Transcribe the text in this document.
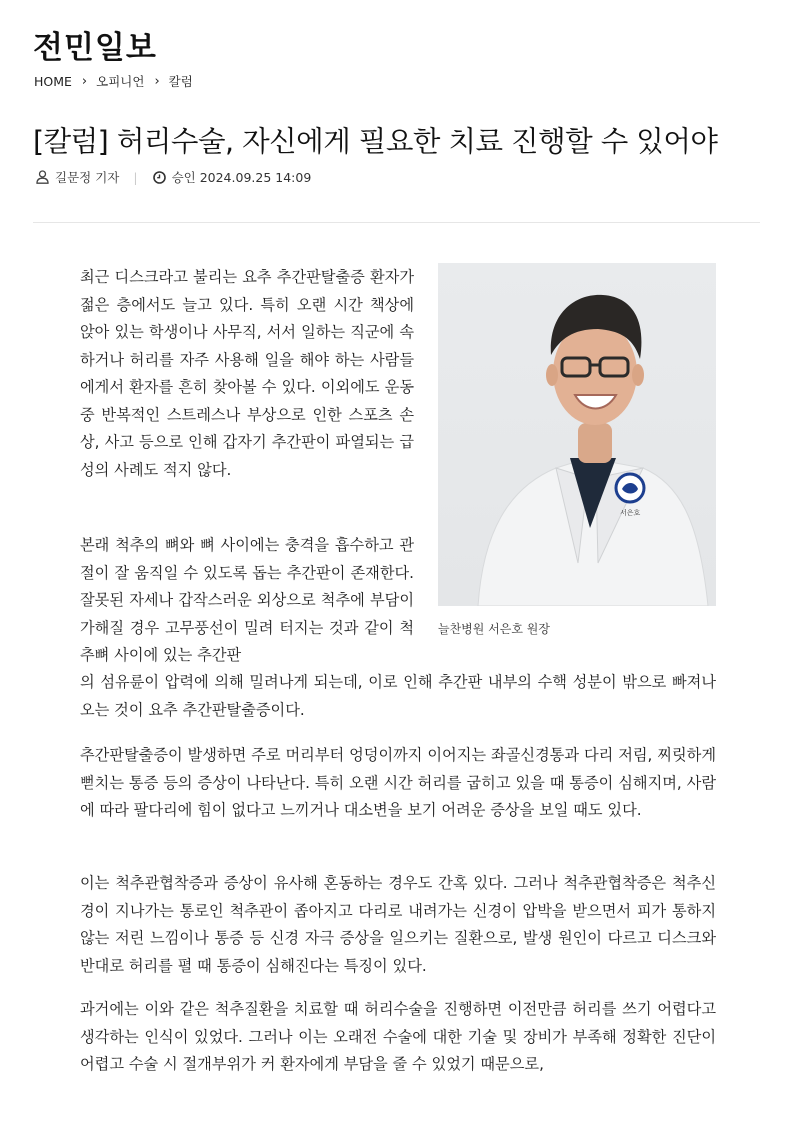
전민일보
HOME › 오피니언 › 칼럼
[칼럼] 허리수술, 자신에게 필요한 치료 진행할 수 있어야
길문정 기자 |	승인 2024.09.25 14:09
서은호
늘찬병원 서은호 원장

최근 디스크라고 불리는 요추 추간판탈출증 환자가 젊은 층에서도 늘고 있다. 특히 오랜 시간 책상에 앉아 있는 학생이나 사무직, 서서 일하는 직군에 속하거나 허리를 자주 사용해 일을 해야 하는 사람들에게서 환자를 흔히 찾아볼 수 있다. 이외에도 운동 중 반복적인 스트레스나 부상으로 인한 스포츠 손상, 사고 등으로 인해 갑자기 추간판이 파열되는 급성의 사례도 적지 않다.

본래 척추의 뼈와 뼈 사이에는 충격을 흡수하고 관절이 잘 움직일 수 있도록 돕는 추간판이 존재한다. 잘못된 자세나 갑작스러운 외상으로 척추에 부담이 가해질 경우 고무풍선이 밀려 터지는 것과 같이 척추뼈 사이에 있는 추간판

의 섬유륜이 압력에 의해 밀려나게 되는데, 이로 인해 추간판 내부의 수핵 성분이 밖으로 빠져나오는 것이 요추 추간판탈출증이다.

추간판탈출증이 발생하면 주로 머리부터 엉덩이까지 이어지는 좌골신경통과 다리 저림, 찌릿하게 뻗치는 통증 등의 증상이 나타난다. 특히 오랜 시간 허리를 굽히고 있을 때 통증이 심해지며, 사람에 따라 팔다리에 힘이 없다고 느끼거나 대소변을 보기 어려운 증상을 보일 때도 있다.

이는 척추관협착증과 증상이 유사해 혼동하는 경우도 간혹 있다. 그러나 척추관협착증은 척추신경이 지나가는 통로인 척추관이 좁아지고 다리로 내려가는 신경이 압박을 받으면서 피가 통하지 않는 저린 느낌이나 통증 등 신경 자극 증상을 일으키는 질환으로, 발생 원인이 다르고 디스크와 반대로 허리를 펼 때 통증이 심해진다는 특징이 있다.

과거에는 이와 같은 척추질환을 치료할 때 허리수술을 진행하면 이전만큼 허리를 쓰기 어렵다고 생각하는 인식이 있었다. 그러나 이는 오래전 수술에 대한 기술 및 장비가 부족해 정확한 진단이 어렵고 수술 시 절개부위가 커 환자에게 부담을 줄 수 있었기 때문으로,
